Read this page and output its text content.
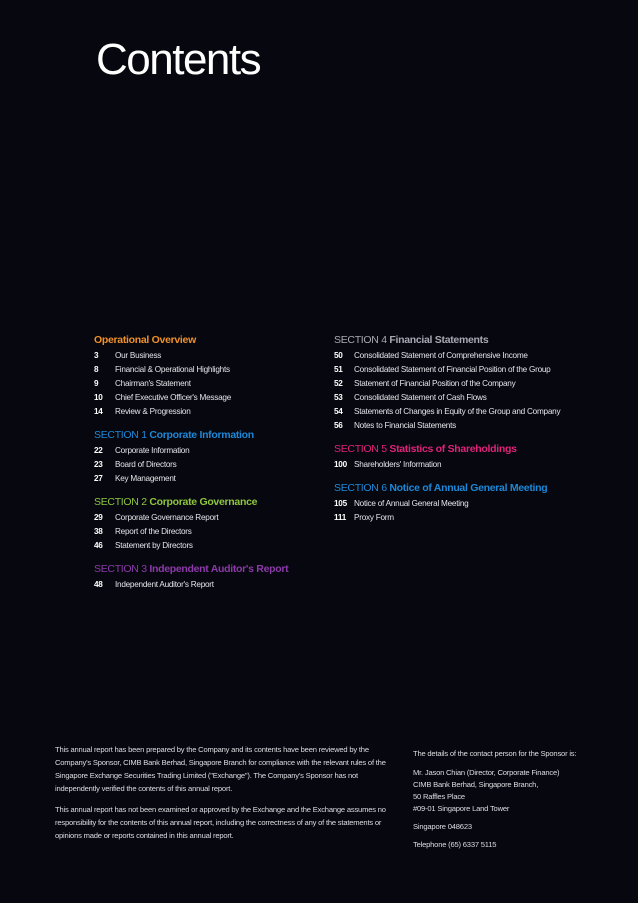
Contents
Operational Overview
3	Our Business
8	Financial & Operational Highlights
9	Chairman's Statement
10	Chief Executive Officer's Message
14	Review & Progression
SECTION 1 Corporate Information
22	Corporate Information
23	Board of Directors
27	Key Management
SECTION 2 Corporate Governance
29	Corporate Governance Report
38	Report of the Directors
46	Statement by Directors
SECTION 3 Independent Auditor's Report
48	Independent Auditor's Report
SECTION 4 Financial Statements
50	Consolidated Statement of Comprehensive Income
51	Consolidated Statement of Financial Position of the Group
52	Statement of Financial Position of the Company
53	Consolidated Statement of Cash Flows
54	Statements of Changes in Equity of the Group and Company
56	Notes to Financial Statements
SECTION 5 Statistics of Shareholdings
100 Shareholders' Information
SECTION 6 Notice of Annual General Meeting
105 Notice of Annual General Meeting
111 Proxy Form

This annual report has been prepared by the Company and its contents have been reviewed by the Company's Sponsor, CIMB Bank Berhad, Singapore Branch for compliance with the relevant rules of the Singapore Exchange Securities Trading Limited ("Exchange"). The Company's Sponsor has not independently verified the contents of this annual report.

This annual report has not been examined or approved by the Exchange and the Exchange assumes no responsibility for the contents of this annual report, including the correctness of any of the statements or opinions made or reports contained in this annual report.

The details of the contact person for the Sponsor is:
Mr. Jason Chian (Director, Corporate Finance)
CIMB Bank Berhad, Singapore Branch,
50 Raffles Place
#09-01 Singapore Land Tower
Singapore 048623
Telephone (65) 6337 5115
